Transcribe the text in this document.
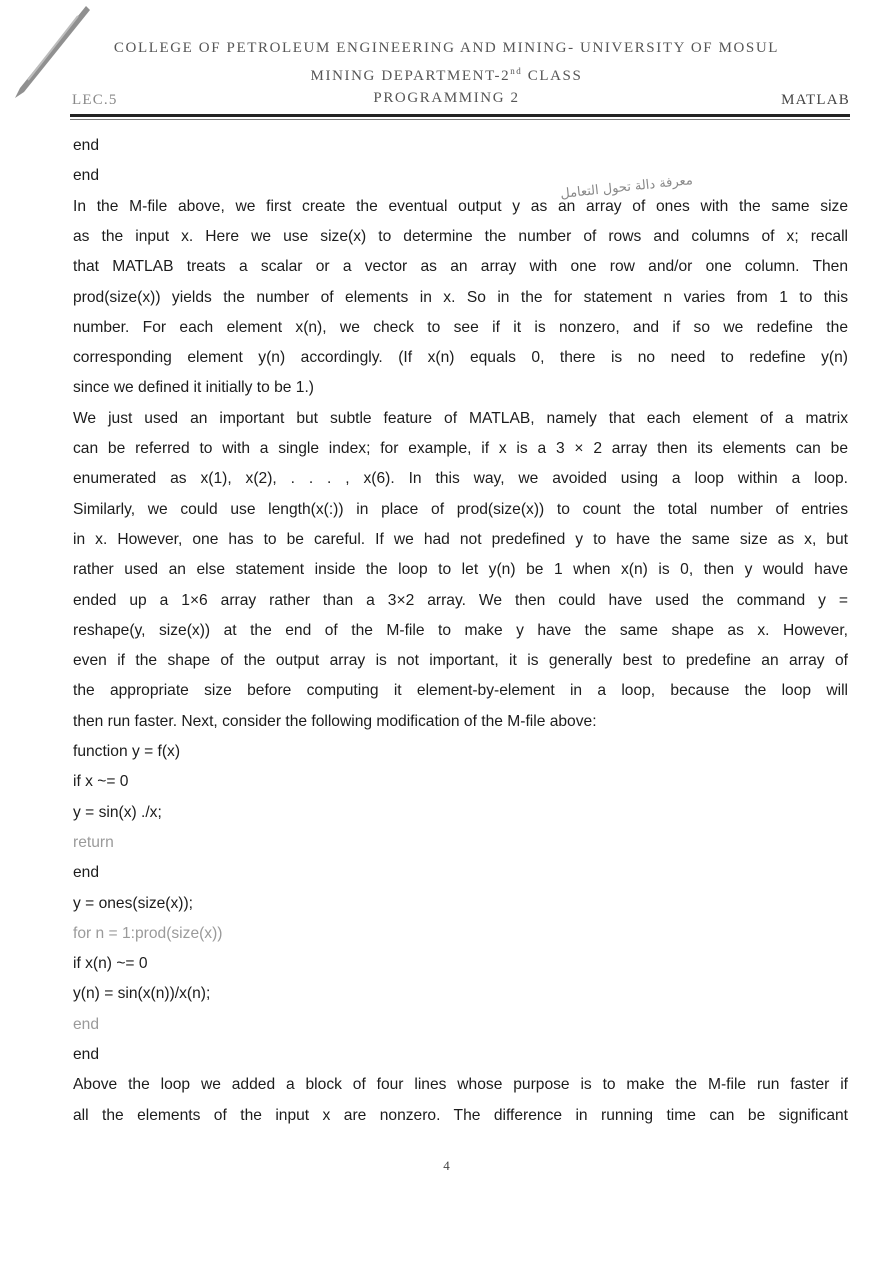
COLLEGE OF PETROLEUM ENGINEERING AND MINING- UNIVERSITY OF MOSUL
MINING DEPARTMENT-2nd CLASS
PROGRAMMING 2
LEC.5	MATLAB
معرفة دالة تحول التعامل
end
end
In the M-file above, we first create the eventual output y as an array of ones with the same size
as the input x. Here we use size(x) to determine the number of rows and columns of x; recall
that MATLAB treats a scalar or a vector as an array with one row and/or one column. Then
prod(size(x)) yields the number of elements in x. So in the for statement n varies from 1 to this
number. For each element x(n), we check to see if it is nonzero, and if so we redefine the
corresponding element y(n) accordingly. (If x(n) equals 0, there is no need to redefine y(n)
since we defined it initially to be 1.)
We just used an important but subtle feature of MATLAB, namely that each element of a matrix
can be referred to with a single index; for example, if x is a 3 × 2 array then its elements can be
enumerated as x(1), x(2), . . . , x(6). In this way, we avoided using a loop within a loop.
Similarly, we could use length(x(:)) in place of prod(size(x)) to count the total number of entries
in x. However, one has to be careful. If we had not predefined y to have the same size as x, but
rather used an else statement inside the loop to let y(n) be 1 when x(n) is 0, then y would have
ended up a 1×6 array rather than a 3×2 array. We then could have used the command y =
reshape(y, size(x)) at the end of the M-file to make y have the same shape as x. However,
even if the shape of the output array is not important, it is generally best to predefine an array of
the appropriate size before computing it element-by-element in a loop, because the loop will
then run faster. Next, consider the following modification of the M-file above:
function y = f(x)
if x ~= 0
y = sin(x) ./x;
return
end
y = ones(size(x));
for n = 1:prod(size(x))
if x(n) ~= 0
y(n) = sin(x(n))/x(n);
end
end
Above the loop we added a block of four lines whose purpose is to make the M-file run faster if
all the elements of the input x are nonzero. The difference in running time can be significant
4
